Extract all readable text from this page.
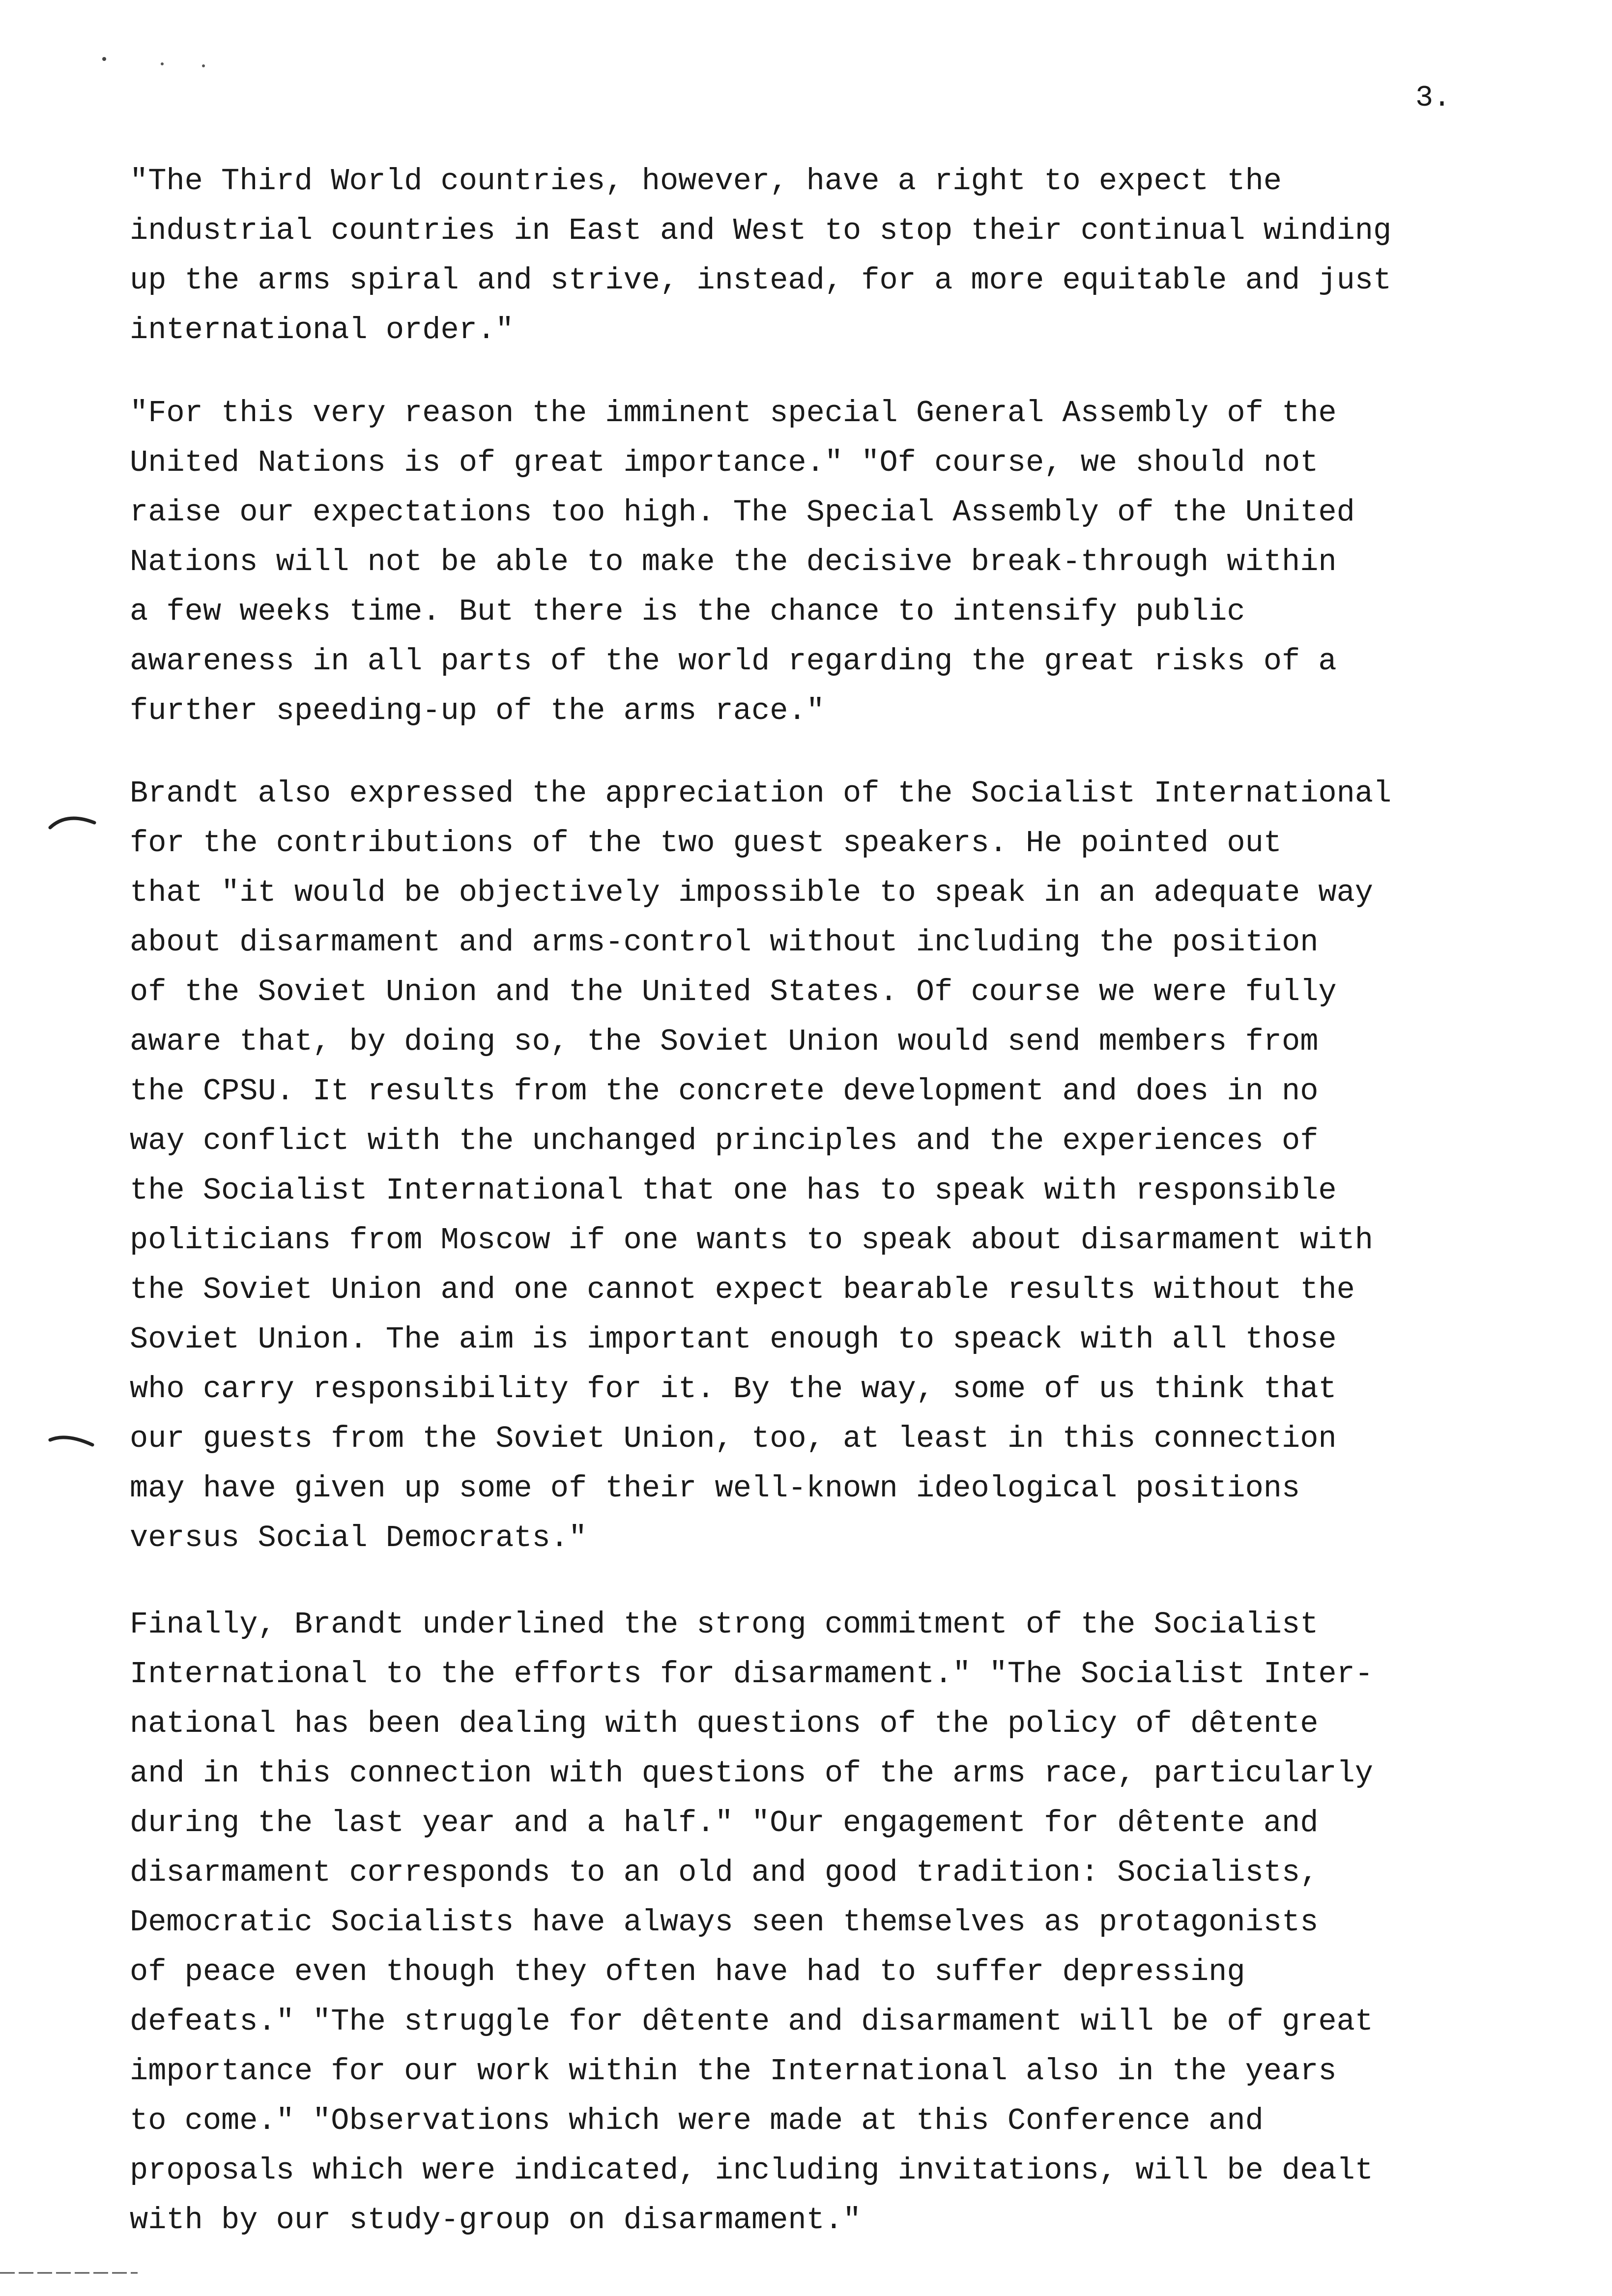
3.
"The Third World countries, however, have a right to expect the
industrial countries in East and West to stop their continual winding
up the arms spiral and strive, instead, for a more equitable and just
international order."
"For this very reason the imminent special General Assembly of the
United Nations is of great importance." "Of course, we should not
raise our expectations too high. The Special Assembly of the United
Nations will not be able to make the decisive break-through within
a few weeks time. But there is the chance to intensify public
awareness in all parts of the world regarding the great risks of a
further speeding-up of the arms race."
Brandt also expressed the appreciation of the Socialist International
for the contributions of the two guest speakers. He pointed out
that "it would be objectively impossible to speak in an adequate way
about disarmament and arms-control without including the position
of the Soviet Union and the United States. Of course we were fully
aware that, by doing so, the Soviet Union would send members from
the CPSU. It results from the concrete development and does in no
way conflict with the unchanged principles and the experiences of
the Socialist International that one has to speak with responsible
politicians from Moscow if one wants to speak about disarmament with
the Soviet Union and one cannot expect bearable results without the
Soviet Union. The aim is important enough to speack with all those
who carry responsibility for it. By the way, some of us think that
our guests from the Soviet Union, too, at least in this connection
may have given up some of their well-known ideological positions
versus Social Democrats."
Finally, Brandt underlined the strong commitment of the Socialist
International to the efforts for disarmament." "The Socialist Inter-
national has been dealing with questions of the policy of dêtente
and in this connection with questions of the arms race, particularly
during the last year and a half." "Our engagement for dêtente and
disarmament corresponds to an old and good tradition: Socialists,
Democratic Socialists have always seen themselves as protagonists
of peace even though they often have had to suffer depressing
defeats." "The struggle for dêtente and disarmament will be of great
importance for our work within the International also in the years
to come." "Observations which were made at this Conference and
proposals which were indicated, including invitations, will be dealt
with by our study-group on disarmament."
